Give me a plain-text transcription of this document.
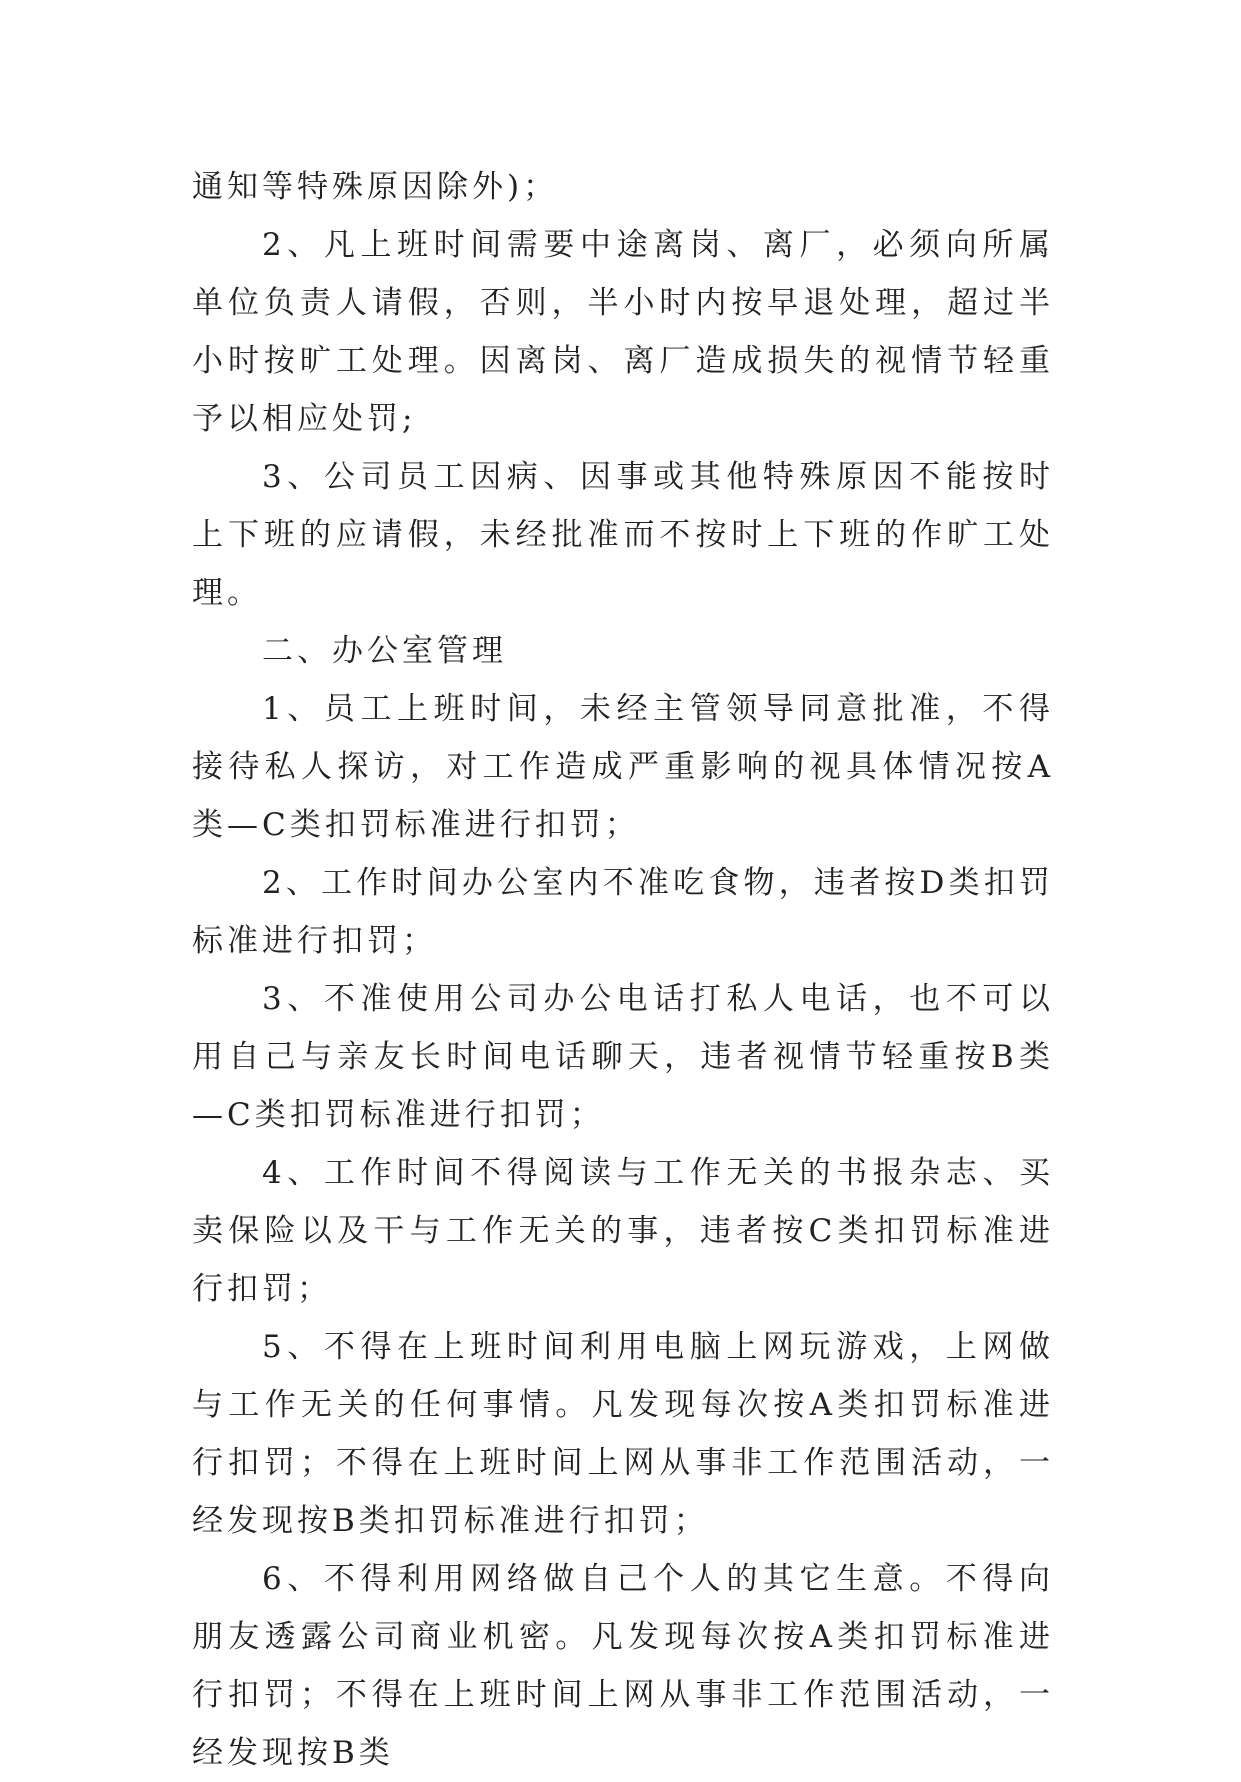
通知等特殊原因除外)；

2、凡上班时间需要中途离岗、离厂，必须向所属单位负责人请假，否则，半小时内按早退处理，超过半小时按旷工处理。因离岗、离厂造成损失的视情节轻重予以相应处罚;

3、公司员工因病、因事或其他特殊原因不能按时上下班的应请假，未经批准而不按时上下班的作旷工处理。

二、办公室管理

1、员工上班时间，未经主管领导同意批准，不得接待私人探访，对工作造成严重影响的视具体情况按A类—C类扣罚标准进行扣罚；

2、工作时间办公室内不准吃食物，违者按D类扣罚标准进行扣罚；

3、不准使用公司办公电话打私人电话，也不可以用自己与亲友长时间电话聊天，违者视情节轻重按B类—C类扣罚标准进行扣罚；

4、工作时间不得阅读与工作无关的书报杂志、买卖保险以及干与工作无关的事，违者按C类扣罚标准进行扣罚；

5、不得在上班时间利用电脑上网玩游戏，上网做与工作无关的任何事情。凡发现每次按A类扣罚标准进行扣罚；不得在上班时间上网从事非工作范围活动，一经发现按B类扣罚标准进行扣罚；

6、不得利用网络做自己个人的其它生意。不得向朋友透露公司商业机密。凡发现每次按A类扣罚标准进行扣罚；不得在上班时间上网从事非工作范围活动，一经发现按B类
